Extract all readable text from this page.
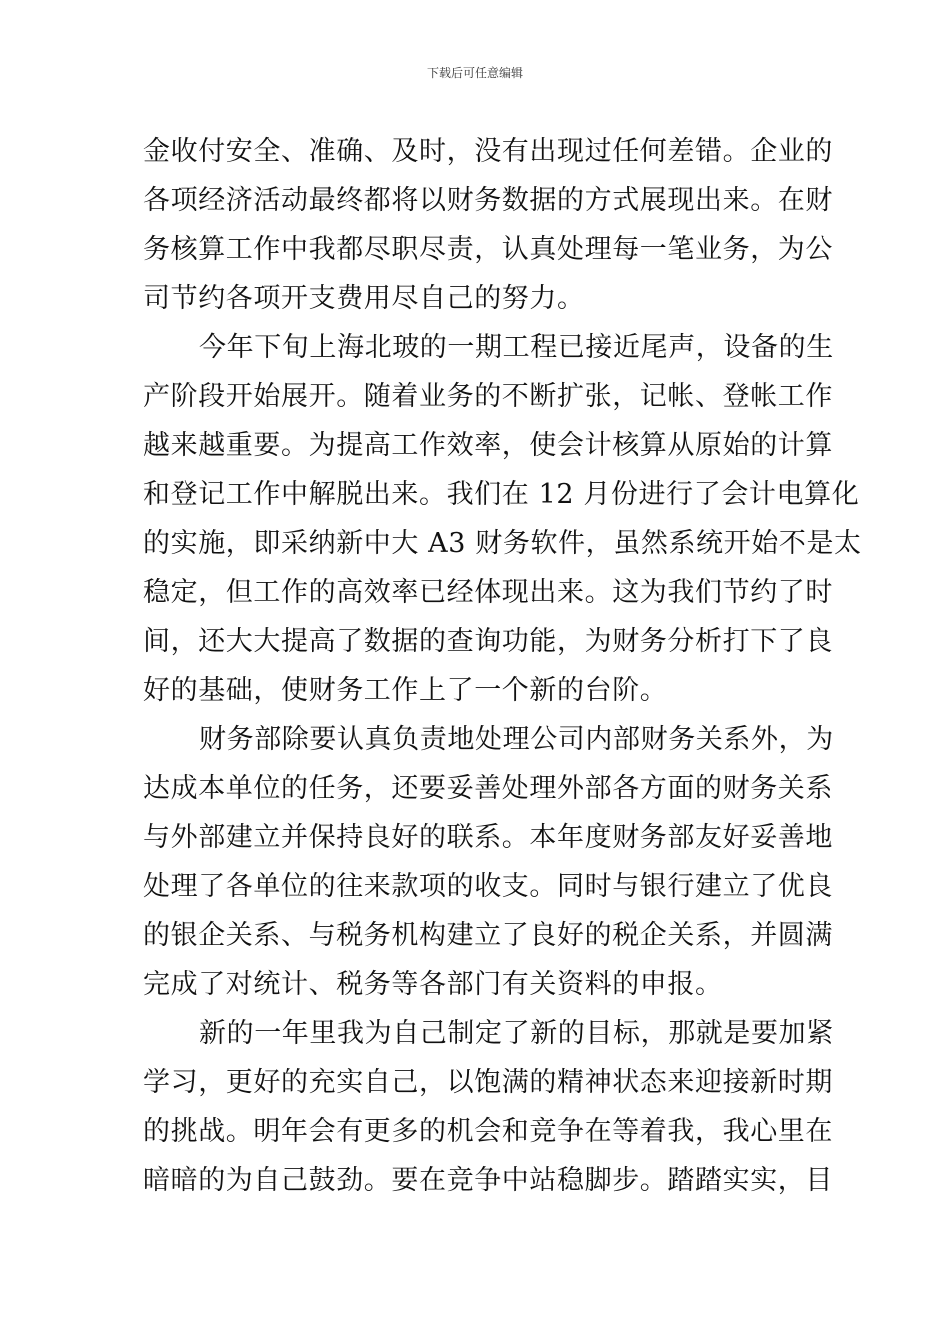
下载后可任意编辑
金收付安全、准确、及时，没有出现过任何差错。企业的
各项经济活动最终都将以财务数据的方式展现出来。在财
务核算工作中我都尽职尽责，认真处理每一笔业务，为公
司节约各项开支费用尽自己的努力。
今年下旬上海北玻的一期工程已接近尾声，设备的生
产阶段开始展开。随着业务的不断扩张，记帐、登帐工作
越来越重要。为提高工作效率，使会计核算从原始的计算
和登记工作中解脱出来。我们在 12 月份进行了会计电算化
的实施，即采纳新中大 A3 财务软件，虽然系统开始不是太
稳定，但工作的高效率已经体现出来。这为我们节约了时
间，还大大提高了数据的查询功能，为财务分析打下了良
好的基础，使财务工作上了一个新的台阶。
财务部除要认真负责地处理公司内部财务关系外，为
达成本单位的任务，还要妥善处理外部各方面的财务关系
与外部建立并保持良好的联系。本年度财务部友好妥善地
处理了各单位的往来款项的收支。同时与银行建立了优良
的银企关系、与税务机构建立了良好的税企关系，并圆满
完成了对统计、税务等各部门有关资料的申报。
新的一年里我为自己制定了新的目标，那就是要加紧
学习，更好的充实自己，以饱满的精神状态来迎接新时期
的挑战。明年会有更多的机会和竞争在等着我，我心里在
暗暗的为自己鼓劲。要在竞争中站稳脚步。踏踏实实，目
